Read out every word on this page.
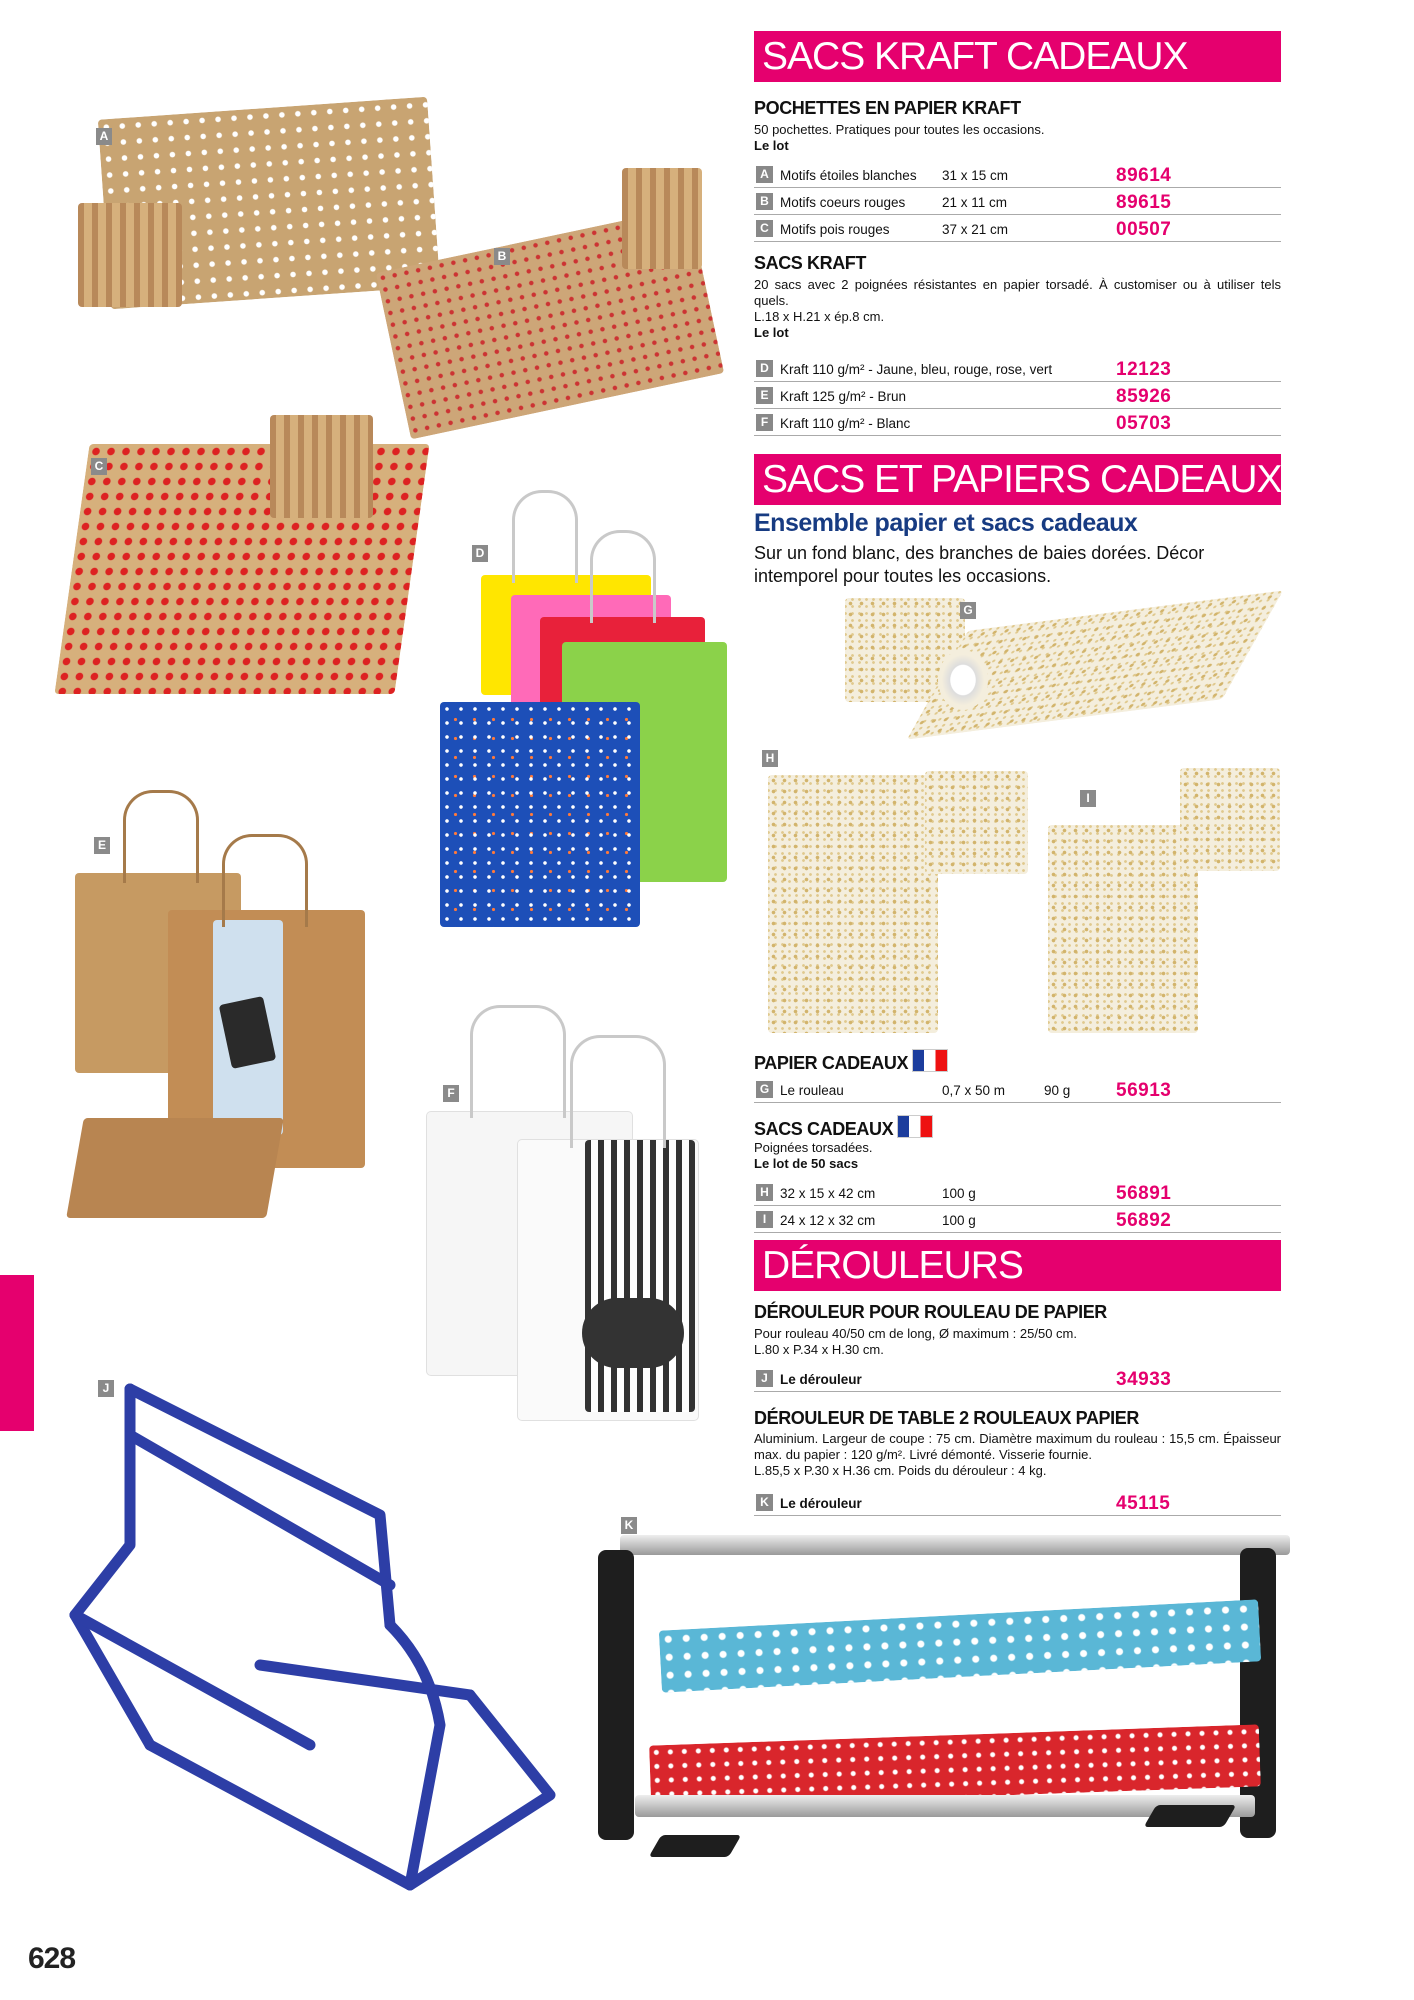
628
A
B
C
D
E
F
J
K
G
H
I
SACS KRAFT CADEAUX
POCHETTES EN PAPIER KRAFT
50 pochettes. Pratiques pour toutes les occasions.
Le lot
A Motifs étoiles blanches 31 x 15 cm	89614
B Motifs coeurs rouges	21 x 11 cm	89615
C Motifs pois rouges	37 x 21 cm	00507
SACS KRAFT
20 sacs avec 2 poignées résistantes en papier torsadé. À customiser ou à utiliser tels quels.
L.18 x H.21 x ép.8 cm.
Le lot
D Kraft 110 g/m² - Jaune, bleu, rouge, rose, vert	12123
E Kraft 125 g/m² - Brun	85926
F Kraft 110 g/m² - Blanc	05703
SACS ET PAPIERS CADEAUX
Ensemble papier et sacs cadeaux
Sur un fond blanc, des branches de baies dorées. Décor intemporel pour toutes les occasions.
PAPIER CADEAUX
G Le rouleau	0,7 x 50 m	90 g 56913
SACS CADEAUX
Poignées torsadées.
Le lot de 50 sacs
H 32 x 15 x 42 cm	100 g	56891
I	24 x 12 x 32 cm	100 g	56892
DÉROULEURS
DÉROULEUR POUR ROULEAU DE PAPIER
Pour rouleau 40/50 cm de long, Ø maximum : 25/50 cm.
L.80 x P.34 x H.30 cm.
J Le dérouleur	34933
DÉROULEUR DE TABLE 2 ROULEAUX PAPIER
Aluminium. Largeur de coupe : 75 cm. Diamètre maximum du rouleau : 15,5 cm. Épaisseur max. du papier : 120 g/m². Livré démonté. Visserie fournie.
L.85,5 x P.30 x H.36 cm. Poids du dérouleur : 4 kg.
K Le dérouleur	45115
